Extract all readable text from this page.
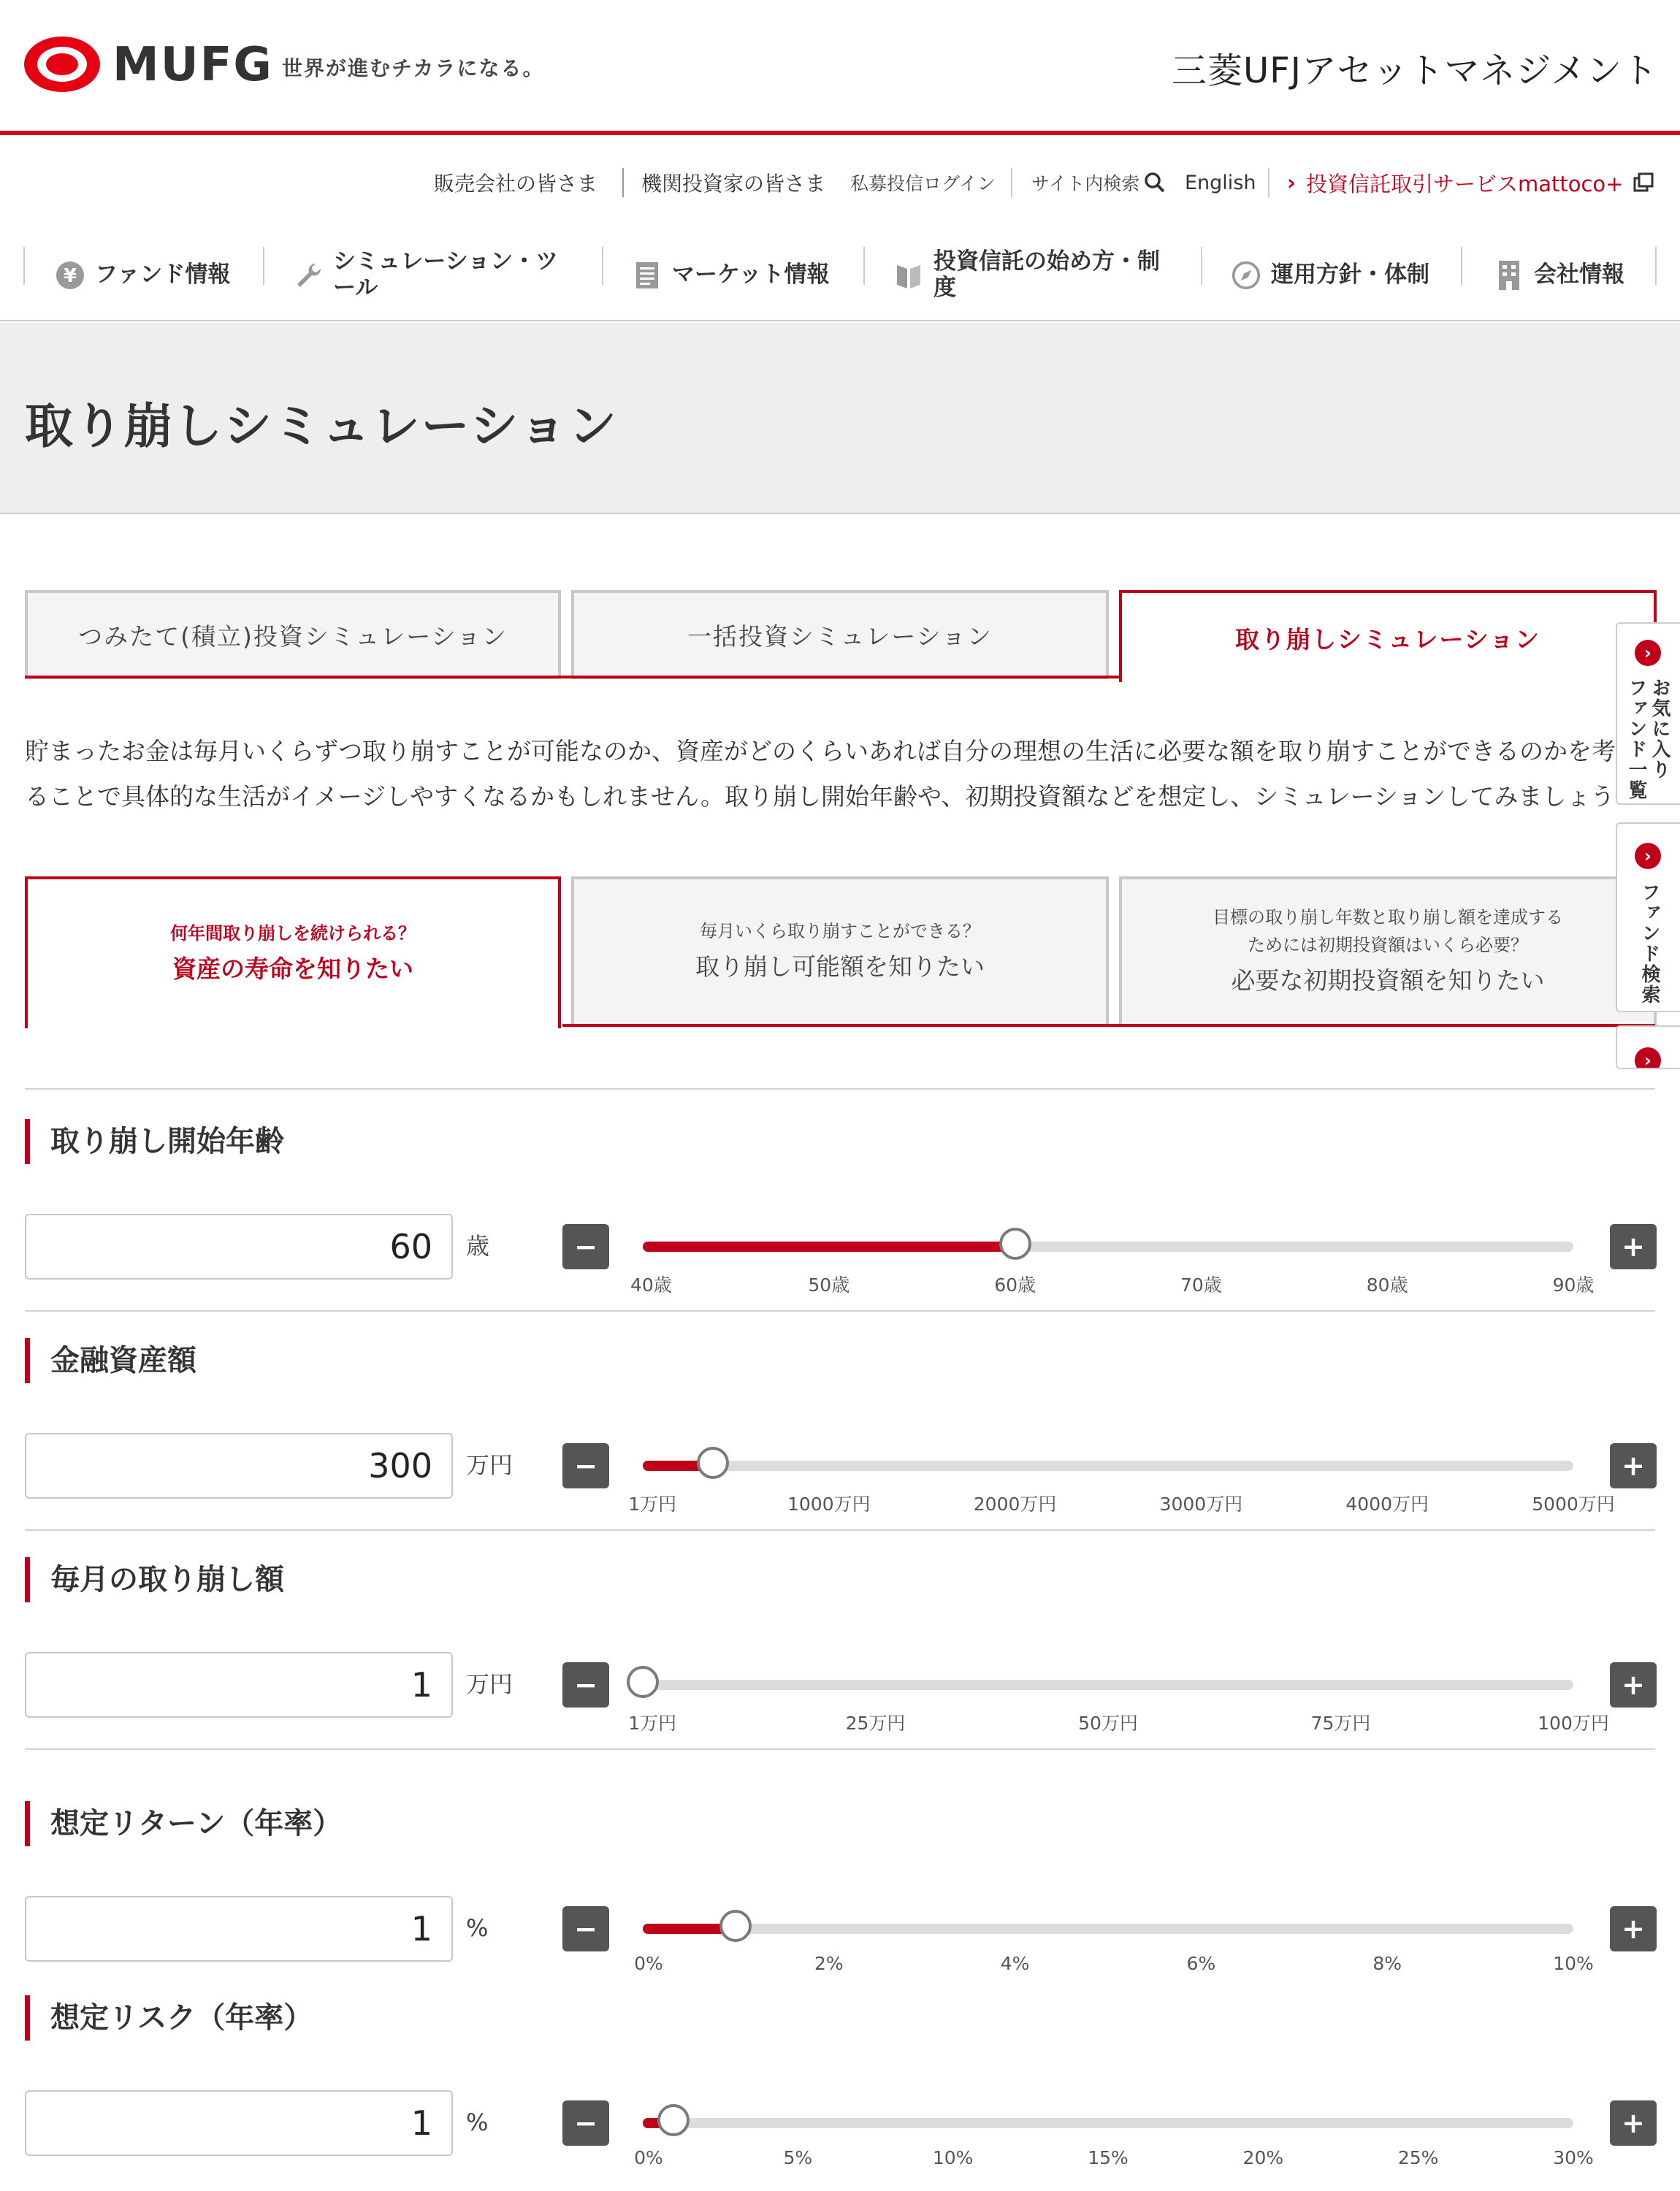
MUFG 世界が進むチカラになる。	三菱UFJアセットマネジメント
販売会社の皆さま 機関投資家の皆さま 私募投信ログイン サイト内検索 English › 投資信託取引サービスmattoco+
¥ ファンド情報	シミュレーション・ツ
ール	マーケット情報	投資信託の始め方・制
度	運用方針・体制	会社情報
取り崩しシミュレーション
つみたて(積立)投資シミュレーション	一括投資シミュレーション	取り崩しシミュレーション
貯まったお金は毎月いくらずつ取り崩すことが可能なのか、資産がどのくらいあれば自分の理想の生活に必要な額を取り崩すことができるのかを考
ることで具体的な生活がイメージしやすくなるかもしれません。取り崩し開始年齢や、初期投資額などを想定し、シミュレーションしてみましょう
何年間取り崩しを続けられる？
資産の寿命を知りたい
毎月いくら取り崩すことができる？
取り崩し可能額を知りたい
目標の取り崩し年数と取り崩し額を達成する
ためには初期投資額はいくら必要？
必要な初期投資額を知りたい
取り崩し開始年齢
60	歳	−	+
40歳	50歳	60歳	70歳	80歳	90歳
金融資産額
300	万円	−	+
1万円	1000万円	2000万円	3000万円	4000万円	5000万円
毎月の取り崩し額
1	万円	−	+
1万円	25万円	50万円	75万円	100万円
想定リターン（年率）
1	%	−	+
0%	2%	4%	6%	8%	10%
想定リスク（年率）
1	%	−	+
0%	5%	10%	15%	20%	25%	30%
›
お気に入り
ファンド一覧
›
ファンド検索
›
